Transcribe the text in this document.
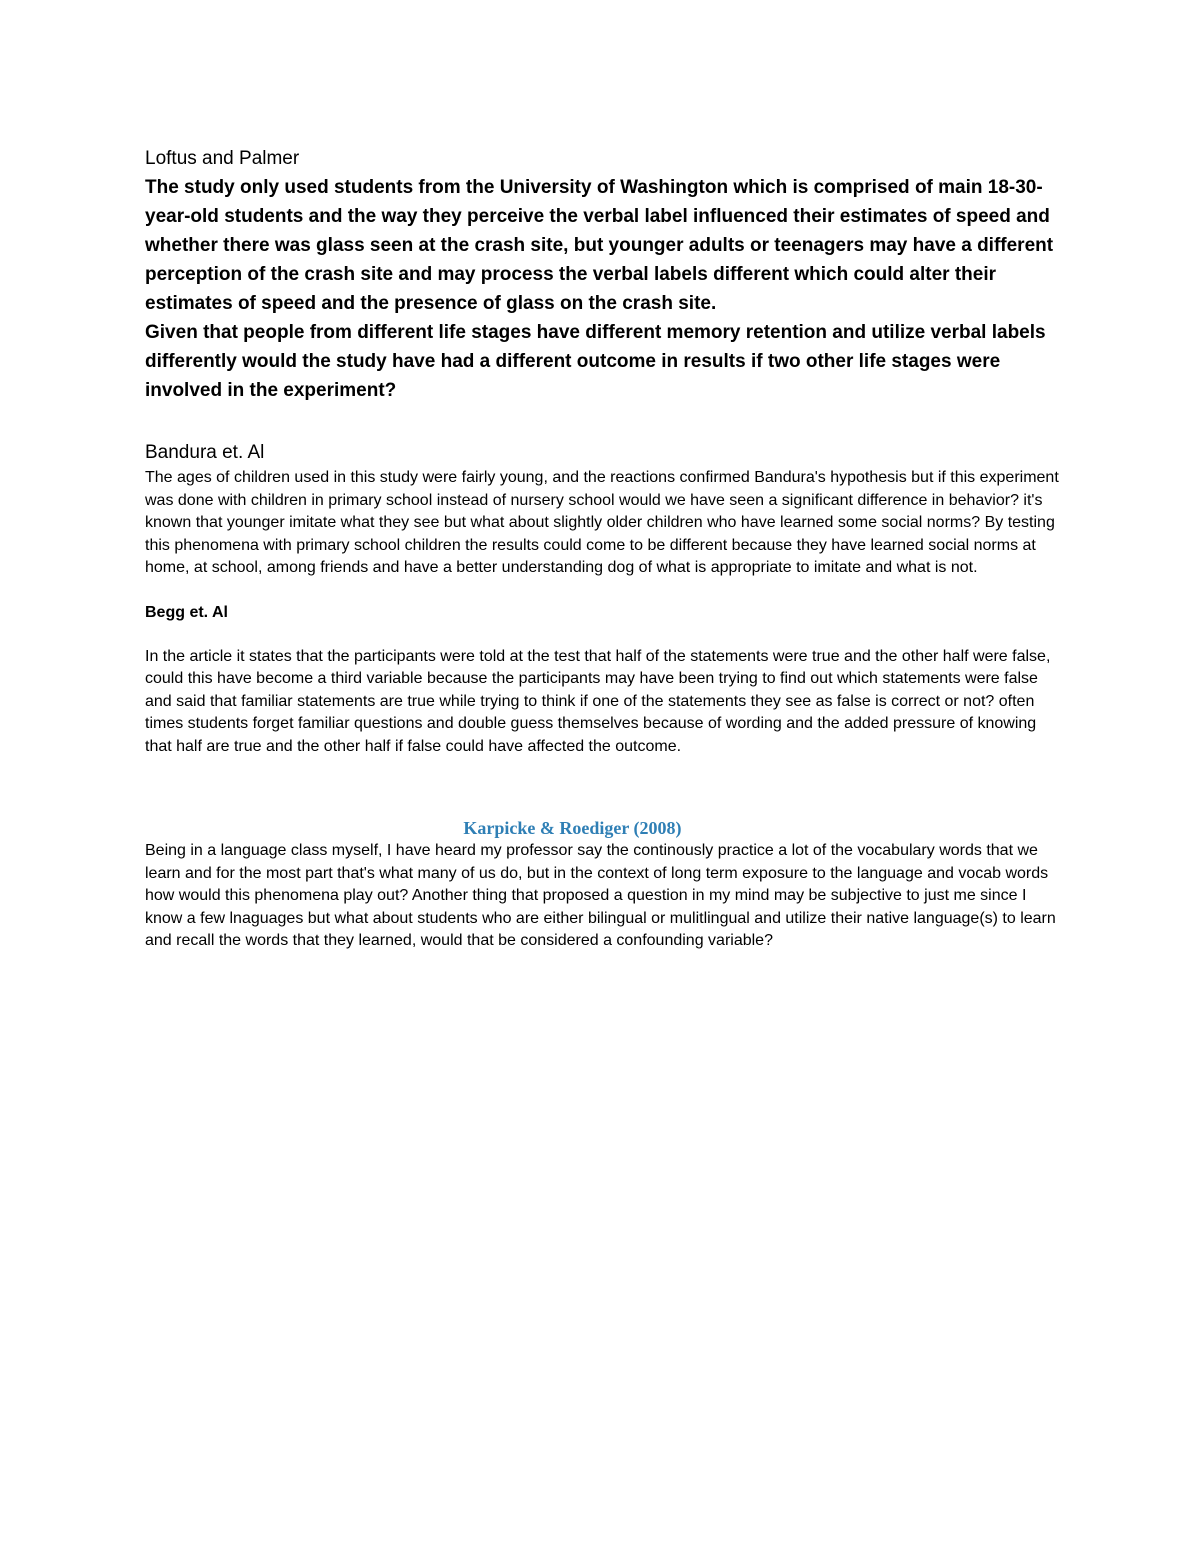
Loftus and Palmer

The study only used students from the University of Washington which is comprised of main 18-30-year-old students and the way they perceive the verbal label influenced their estimates of speed and whether there was glass seen at the crash site, but younger adults or teenagers may have a different perception of the crash site and may process the verbal labels different which could alter their estimates of speed and the presence of glass on the crash site.

Given that people from different life stages have different memory retention and utilize verbal labels differently would the study have had a different outcome in results if two other life stages were involved in the experiment?

Bandura et. Al

The ages of children used in this study were fairly young, and the reactions confirmed Bandura's hypothesis but if this experiment was done with children in primary school instead of nursery school would we have seen a significant difference in behavior? it's known that younger imitate what they see but what about slightly older children who have learned some social norms? By testing this phenomena with primary school children the results could come to be different because they have learned social norms at home, at school, among friends and have a better understanding dog of what is appropriate to imitate and what is not.

Begg et. Al

In the article it states that the participants were told at the test that half of the statements were true and the other half were false, could this have become a third variable because the participants may have been trying to find out which statements were false and said that familiar statements are true while trying to think if one of the statements they see as false is correct or not? often times students forget familiar questions and double guess themselves because of wording and the added pressure of knowing that half are true and the other half if false could have affected the outcome.

Karpicke & Roediger (2008)

Being in a language class myself, I have heard my professor say the continously practice a lot of the vocabulary words that we learn and for the most part that's what many of us do, but in the context of long term exposure to the language and vocab words how would this phenomena play out? Another thing that proposed a question in my mind may be subjective to just me since I know a few lnaguages but what about students who are either bilingual or mulitlingual and utilize their native language(s) to learn and recall the words that they learned, would that be considered a confounding variable?
